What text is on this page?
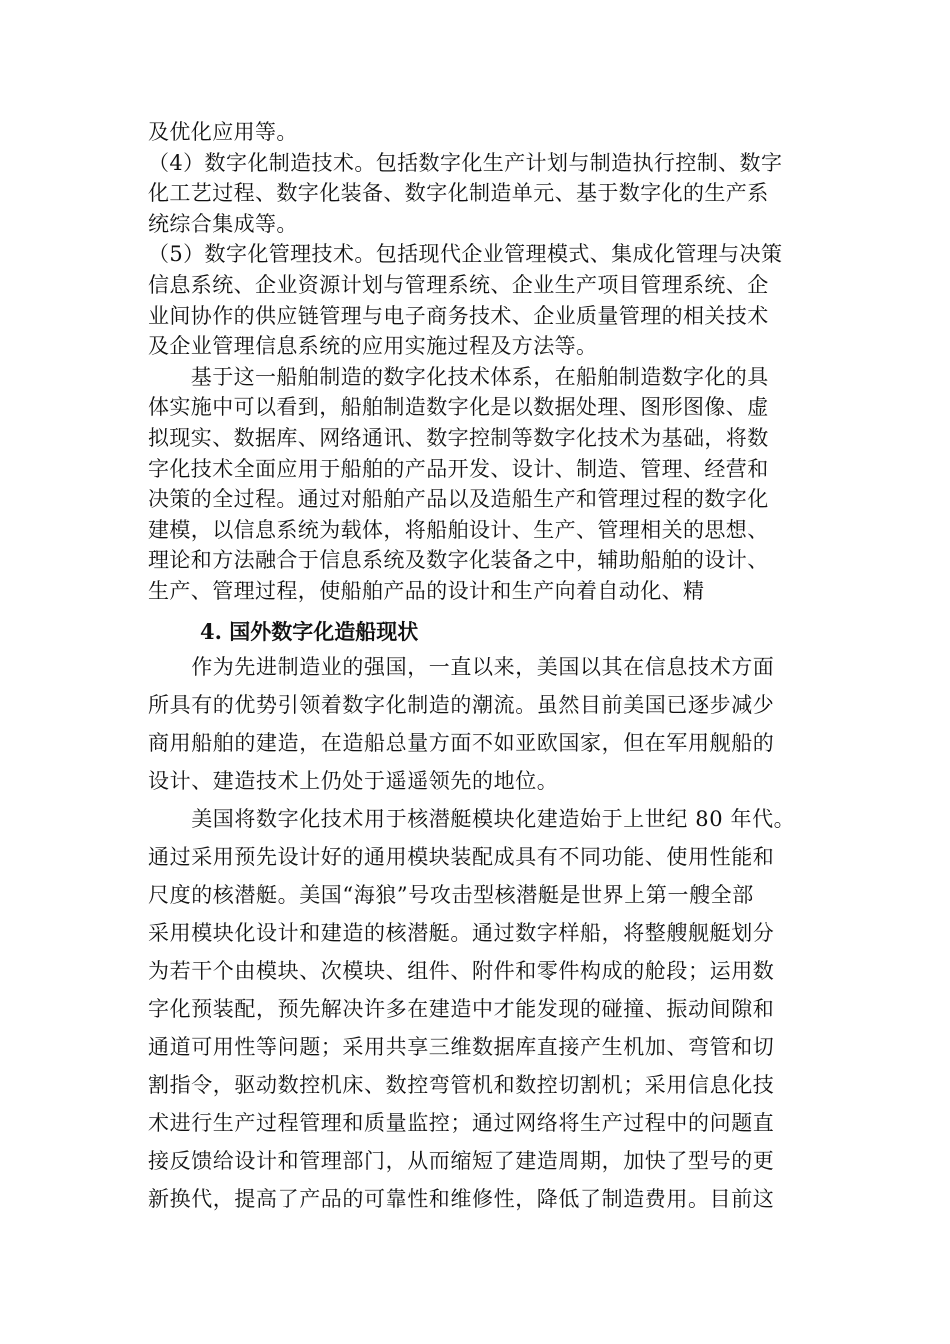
及优化应用等。
（4）数字化制造技术。包括数字化生产计划与制造执行控制、数字
化工艺过程、数字化装备、数字化制造单元、基于数字化的生产系
统综合集成等。
（5）数字化管理技术。包括现代企业管理模式、集成化管理与决策
信息系统、企业资源计划与管理系统、企业生产项目管理系统、企
业间协作的供应链管理与电子商务技术、企业质量管理的相关技术
及企业管理信息系统的应用实施过程及方法等。
　　基于这一船舶制造的数字化技术体系，在船舶制造数字化的具
体实施中可以看到，船舶制造数字化是以数据处理、图形图像、虚
拟现实、数据库、网络通讯、数字控制等数字化技术为基础，将数
字化技术全面应用于船舶的产品开发、设计、制造、管理、经营和
决策的全过程。通过对船舶产品以及造船生产和管理过程的数字化
建模，以信息系统为载体，将船舶设计、生产、管理相关的思想、
理论和方法融合于信息系统及数字化装备之中，辅助船舶的设计、
生产、管理过程，使船舶产品的设计和生产向着自动化、精
4. 国外数字化造船现状
　　作为先进制造业的强国，一直以来，美国以其在信息技术方面
所具有的优势引领着数字化制造的潮流。虽然目前美国已逐步减少
商用船舶的建造，在造船总量方面不如亚欧国家，但在军用舰船的
设计、建造技术上仍处于遥遥领先的地位。
　　美国将数字化技术用于核潜艇模块化建造始于上世纪 80 年代。
通过采用预先设计好的通用模块装配成具有不同功能、使用性能和
尺度的核潜艇。美国“海狼”号攻击型核潜艇是世界上第一艘全部
采用模块化设计和建造的核潜艇。通过数字样船，将整艘舰艇划分
为若干个由模块、次模块、组件、附件和零件构成的舱段；运用数
字化预装配，预先解决许多在建造中才能发现的碰撞、振动间隙和
通道可用性等问题；采用共享三维数据库直接产生机加、弯管和切
割指令，驱动数控机床、数控弯管机和数控切割机；采用信息化技
术进行生产过程管理和质量监控；通过网络将生产过程中的问题直
接反馈给设计和管理部门，从而缩短了建造周期，加快了型号的更
新换代，提高了产品的可靠性和维修性，降低了制造费用。目前这
